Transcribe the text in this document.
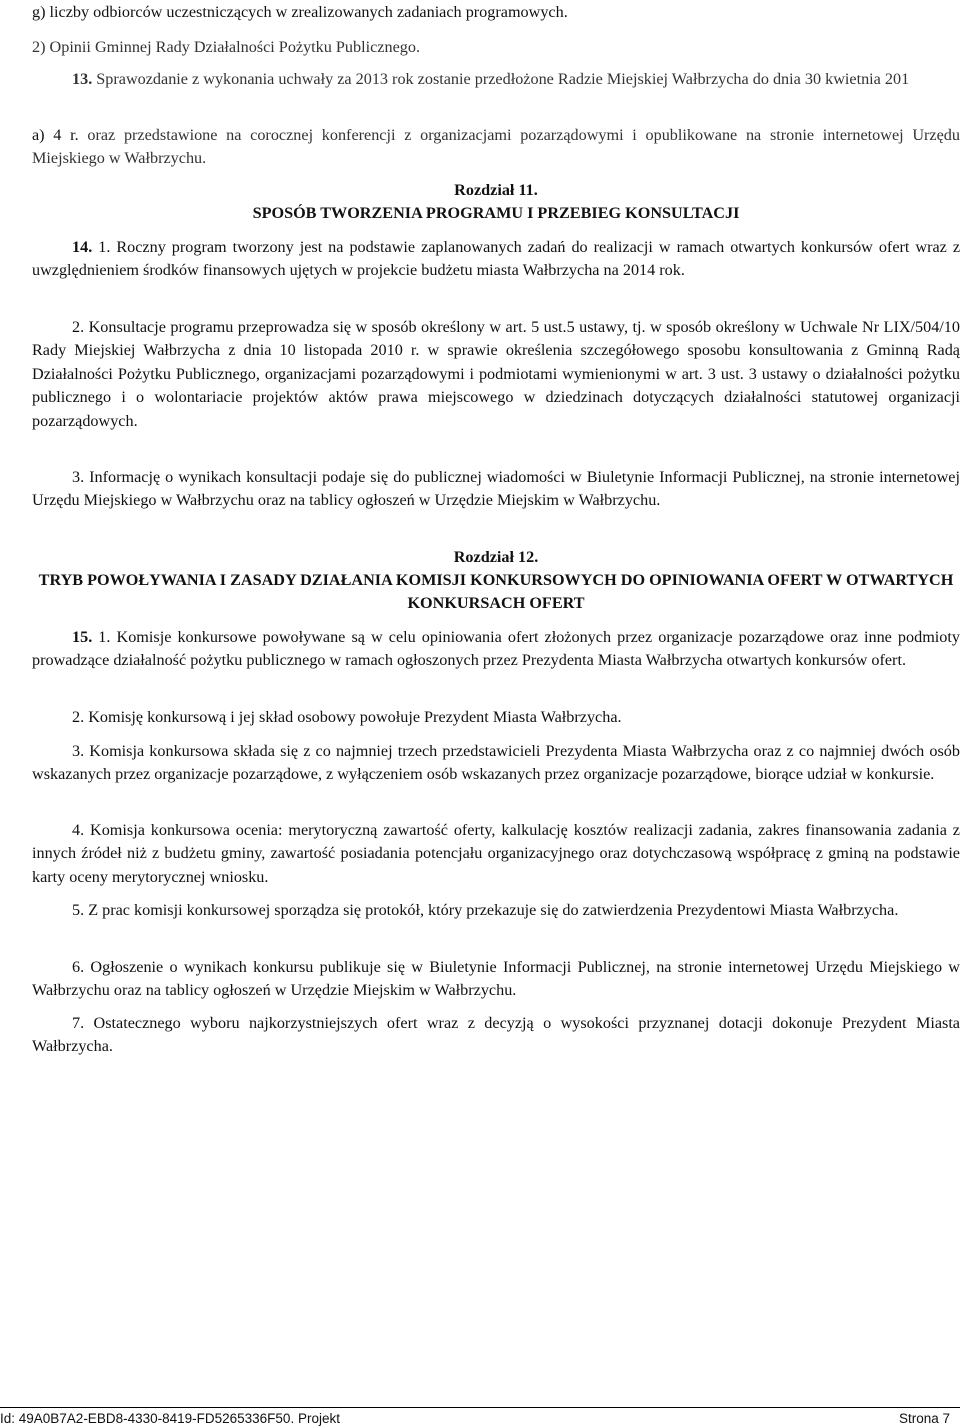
g) liczby odbiorców uczestniczących w zrealizowanych zadaniach programowych.

2) Opinii Gminnej Rady Działalności Pożytku Publicznego.

13. Sprawozdanie z wykonania uchwały za 2013 rok zostanie przedłożone Radzie Miejskiej Wałbrzycha do dnia 30 kwietnia 201

a) 4 r. oraz przedstawione na corocznej konferencji z organizacjami pozarządowymi i opublikowane na stronie internetowej Urzędu Miejskiego w Wałbrzychu.

Rozdział 11.

SPOSÓB TWORZENIA PROGRAMU I PRZEBIEG KONSULTACJI

14. 1. Roczny program tworzony jest na podstawie zaplanowanych zadań do realizacji w ramach otwartych konkursów ofert wraz z uwzględnieniem środków finansowych ujętych w projekcie budżetu miasta Wałbrzycha na 2014 rok.

2. Konsultacje programu przeprowadza się w sposób określony w art. 5 ust.5 ustawy, tj. w sposób określony w Uchwale Nr LIX/504/10 Rady Miejskiej Wałbrzycha z dnia 10 listopada 2010 r. w sprawie określenia szczegółowego sposobu konsultowania z Gminną Radą Działalności Pożytku Publicznego, organizacjami pozarządowymi i podmiotami wymienionymi w art. 3 ust. 3 ustawy o działalności pożytku publicznego i o wolontariacie projektów aktów prawa miejscowego w dziedzinach dotyczących działalności statutowej organizacji pozarządowych.

3. Informację o wynikach konsultacji podaje się do publicznej wiadomości w Biuletynie Informacji Publicznej, na stronie internetowej Urzędu Miejskiego w Wałbrzychu oraz na tablicy ogłoszeń w Urzędzie Miejskim w Wałbrzychu.

Rozdział 12.

TRYB POWOŁYWANIA I ZASADY DZIAŁANIA KOMISJI KONKURSOWYCH DO OPINIOWANIA OFERT W OTWARTYCH KONKURSACH OFERT

15. 1. Komisje konkursowe powoływane są w celu opiniowania ofert złożonych przez organizacje pozarządowe oraz inne podmioty prowadzące działalność pożytku publicznego w ramach ogłoszonych przez Prezydenta Miasta Wałbrzycha otwartych konkursów ofert.

2. Komisję konkursową i jej skład osobowy powołuje Prezydent Miasta Wałbrzycha.

3. Komisja konkursowa składa się z co najmniej trzech przedstawicieli Prezydenta Miasta Wałbrzycha oraz z co najmniej dwóch osób wskazanych przez organizacje pozarządowe, z wyłączeniem osób wskazanych przez organizacje pozarządowe, biorące udział w konkursie.

4. Komisja konkursowa ocenia: merytoryczną zawartość oferty, kalkulację kosztów realizacji zadania, zakres finansowania zadania z innych źródeł niż z budżetu gminy, zawartość posiadania potencjału organizacyjnego oraz dotychczasową współpracę z gminą na podstawie karty oceny merytorycznej wniosku.

5. Z prac komisji konkursowej sporządza się protokół, który przekazuje się do zatwierdzenia Prezydentowi Miasta Wałbrzycha.

6. Ogłoszenie o wynikach konkursu publikuje się w Biuletynie Informacji Publicznej, na stronie internetowej Urzędu Miejskiego w Wałbrzychu oraz na tablicy ogłoszeń w Urzędzie Miejskim w Wałbrzychu.

7. Ostatecznego wyboru najkorzystniejszych ofert wraz z decyzją o wysokości przyznanej dotacji dokonuje Prezydent Miasta Wałbrzycha.

Id: 49A0B7A2-EBD8-4330-8419-FD5265336F50. Projekt	Strona 7
